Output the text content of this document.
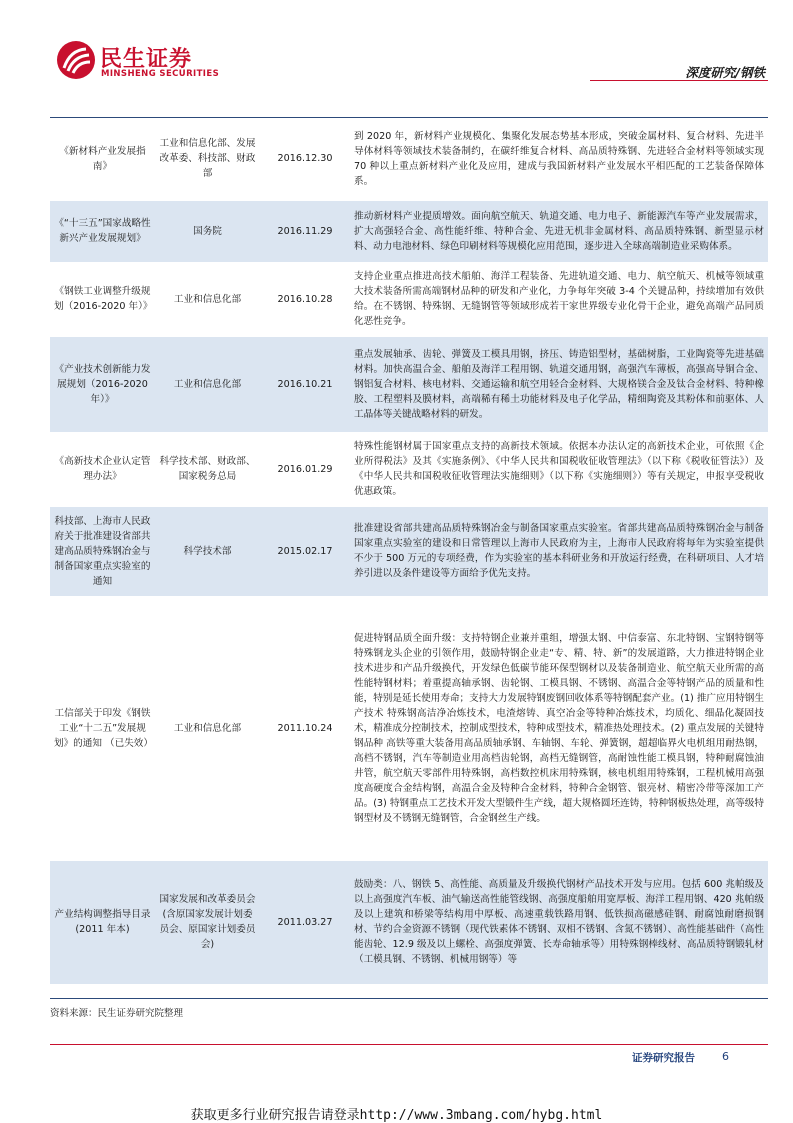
民生证券
MINSHENG SECURITIES	深度研究/钢铁
《新材料产业发展指南》	工业和信息化部、发展改革委、科技部、财政部	2016.12.30	到 2020 年，新材料产业规模化、集聚化发展态势基本形成，突破金属材料、复合材料、先进半导体材料等领域技术装备制约，在碳纤维复合材料、高品质特殊钢、先进轻合金材料等领域实现 70 种以上重点新材料产业化及应用，建成与我国新材料产业发展水平相匹配的工艺装备保障体系。
《“十三五”国家战略性新兴产业发展规划》	国务院	2016.11.29	推动新材料产业提质增效。面向航空航天、轨道交通、电力电子、新能源汽车等产业发展需求，扩大高强轻合金、高性能纤维、特种合金、先进无机非金属材料、高品质特殊钢、新型显示材料、动力电池材料、绿色印刷材料等规模化应用范围，逐步进入全球高端制造业采购体系。
《钢铁工业调整升级规划（2016-2020 年）》	工业和信息化部	2016.10.28	支持企业重点推进高技术船舶、海洋工程装备、先进轨道交通、电力、航空航天、机械等领域重大技术装备所需高端钢材品种的研发和产业化，力争每年突破 3-4 个关键品种，持续增加有效供给。在不锈钢、特殊钢、无缝钢管等领域形成若干家世界级专业化骨干企业，避免高端产品同质化恶性竞争。
《产业技术创新能力发展规划（2016-2020 年）》	工业和信息化部	2016.10.21	重点发展轴承、齿轮、弹簧及工模具用钢，挤压、铸造铝型材，基础树脂，工业陶瓷等先进基础材料。加快高温合金、船舶及海洋工程用钢、轨道交通用钢，高强汽车薄板，高强高导铜合金、钢铝复合材料、核电材料、交通运输和航空用轻合金材料、大规格镁合金及钛合金材料、特种橡胶、工程塑料及膜材料，高端稀有稀土功能材料及电子化学品，精细陶瓷及其粉体和前驱体、人工晶体等关键战略材料的研发。
《高新技术企业认定管理办法》	科学技术部、财政部、国家税务总局	2016.01.29	特殊性能钢材属于国家重点支持的高新技术领域。依据本办法认定的高新技术企业，可依照《企业所得税法》及其《实施条例》、《中华人民共和国税收征收管理法》（以下称《税收征管法》）及《中华人民共和国税收征收管理法实施细则》（以下称《实施细则》）等有关规定，申报享受税收优惠政策。
科技部、上海市人民政府关于批准建设省部共建高品质特殊钢冶金与制备国家重点实验室的通知	科学技术部	2015.02.17	批准建设省部共建高品质特殊钢冶金与制备国家重点实验室。省部共建高品质特殊钢冶金与制备国家重点实验室的建设和日常管理以上海市人民政府为主，上海市人民政府将每年为实验室提供不少于 500 万元的专项经费，作为实验室的基本科研业务和开放运行经费，在科研项目、人才培养引进以及条件建设等方面给予优先支持。
工信部关于印发《钢铁工业“十二五”发展规划》的通知 （已失效）	工业和信息化部	2011.10.24	促进特钢品质全面升级：支持特钢企业兼并重组，增强太钢、中信泰富、东北特钢、宝钢特钢等特殊钢龙头企业的引领作用，鼓励特钢企业走“专、精、特、新”的发展道路，大力推进特钢企业技术进步和产品升级换代，开发绿色低碳节能环保型钢材以及装备制造业、航空航天业所需的高性能特钢材料；着重提高轴承钢、齿轮钢、工模具钢、不锈钢、高温合金等特钢产品的质量和性能，特别是延长使用寿命；支持大力发展特钢废钢回收体系等特钢配套产业。(1) 推广应用特钢生产技术 特殊钢高洁净冶炼技术，电渣熔铸、真空冶金等特种冶炼技术，均质化、细晶化凝固技术，精准成分控制技术，控制成型技术，特种成型技术，精准热处理技术。(2) 重点发展的关键特钢品种 高铁等重大装备用高品质轴承钢、车轴钢、车轮、弹簧钢，超超临界火电机组用耐热钢，高档不锈钢，汽车等制造业用高档齿轮钢，高档无缝钢管，高耐蚀性能工模具钢，特种耐腐蚀油井管，航空航天零部件用特殊钢，高档数控机床用特殊钢，核电机组用特殊钢，工程机械用高强度高硬度合金结构钢，高温合金及特种合金材料，特种合金钢管、银亮材、精密冷带等深加工产品。(3) 特钢重点工艺技术开发大型锻件生产线，超大规格圆坯连铸，特种钢板热处理，高等级特钢型材及不锈钢无缝钢管，合金钢丝生产线。
产业结构调整指导目录(2011 年本)	国家发展和改革委员会(含原国家发展计划委员会、原国家计划委员会)	2011.03.27	鼓励类：八、钢铁 5、高性能、高质量及升级换代钢材产品技术开发与应用。包括 600 兆帕级及以上高强度汽车板、油气输送高性能管线钢、高强度船舶用宽厚板、海洋工程用钢、420 兆帕级及以上建筑和桥梁等结构用中厚板、高速重载铁路用钢、低铁损高磁感硅钢、耐腐蚀耐磨损钢材、节约合金资源不锈钢（现代铁素体不锈钢、双相不锈钢、含氮不锈钢）、高性能基础件（高性能齿轮、12.9 级及以上螺栓、高强度弹簧、长寿命轴承等）用特殊钢棒线材、高品质特钢锻轧材（工模具钢、不锈钢、机械用钢等）等
资料来源：民生证券研究院整理
证券研究报告 6
获取更多行业研究报告请登录http://www.3mbang.com/hybg.html
